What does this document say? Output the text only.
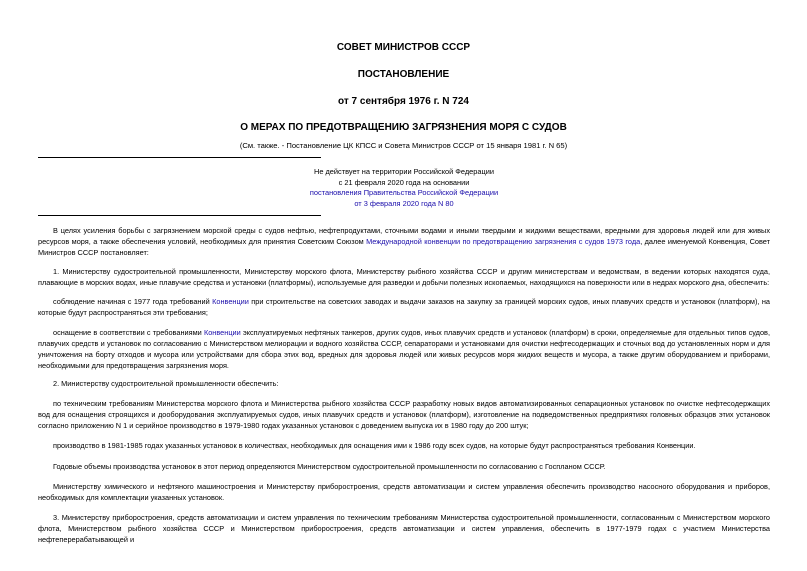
СОВЕТ МИНИСТРОВ СССР
ПОСТАНОВЛЕНИЕ
от 7 сентября 1976 г. N 724
О МЕРАХ ПО ПРЕДОТВРАЩЕНИЮ ЗАГРЯЗНЕНИЯ МОРЯ С СУДОВ
(См. также. - Постановление ЦК КПСС и Совета Министров СССР от 15 января 1981 г. N 65)
Не действует на территории Российской Федерации
с 21 февраля 2020 года на основании
постановления Правительства Российской Федерации
от 3 февраля 2020 года N 80
В целях усиления борьбы с загрязнением морской среды с судов нефтью, нефтепродуктами, сточными водами и иными твердыми и жидкими веществами, вредными для здоровья людей или для живых ресурсов моря, а также обеспечения условий, необходимых для принятия Советским Союзом Международной конвенции по предотвращению загрязнения с судов 1973 года, далее именуемой Конвенция, Совет Министров СССР постановляет:
1. Министерству судостроительной промышленности, Министерству морского флота, Министерству рыбного хозяйства СССР и другим министерствам и ведомствам, в ведении которых находятся суда, плавающие в морских водах, иные плавучие средства и установки (платформы), используемые для разведки и добычи полезных ископаемых, находящихся на поверхности или в недрах морского дна, обеспечить:
соблюдение начиная с 1977 года требований Конвенции при строительстве на советских заводах и выдачи заказов на закупку за границей морских судов, иных плавучих средств и установок (платформ), на которые будут распространяться эти требования;
оснащение в соответствии с требованиями Конвенции эксплуатируемых нефтяных танкеров, других судов, иных плавучих средств и установок (платформ) в сроки, определяемые для отдельных типов судов, плавучих средств и установок по согласованию с Министерством мелиорации и водного хозяйства СССР, сепараторами и установками для очистки нефтесодержащих и сточных вод до установленных норм и для уничтожения на борту отходов и мусора или устройствами для сбора этих вод, вредных для здоровья людей или живых ресурсов моря жидких веществ и мусора, а также другим оборудованием и приборами, необходимыми для предотвращения загрязнения моря.
2. Министерству судостроительной промышленности обеспечить:
по техническим требованиям Министерства морского флота и Министерства рыбного хозяйства СССР разработку новых видов автоматизированных сепарационных установок по очистке нефтесодержащих вод для оснащения строящихся и дооборудования эксплуатируемых судов, иных плавучих средств и установок (платформ), изготовление на подведомственных предприятиях головных образцов этих установок согласно приложению N 1 и серийное производство в 1979-1980 годах указанных установок с доведением выпуска их в 1980 году до 200 штук;
производство в 1981-1985 годах указанных установок в количествах, необходимых для оснащения ими к 1986 году всех судов, на которые будут распространяться требования Конвенции.
Годовые объемы производства установок в этот период определяются Министерством судостроительной промышленности по согласованию с Госпланом СССР.
Министерству химического и нефтяного машиностроения и Министерству приборостроения, средств автоматизации и систем управления обеспечить производство насосного оборудования и приборов, необходимых для комплектации указанных установок.
3. Министерству приборостроения, средств автоматизации и систем управления по техническим требованиям Министерства судостроительной промышленности, согласованным с Министерством морского флота, Министерством рыбного хозяйства СССР и Министерством приборостроения, средств автоматизации и систем управления, обеспечить в 1977-1979 годах с участием Министерства нефтеперерабатывающей и
